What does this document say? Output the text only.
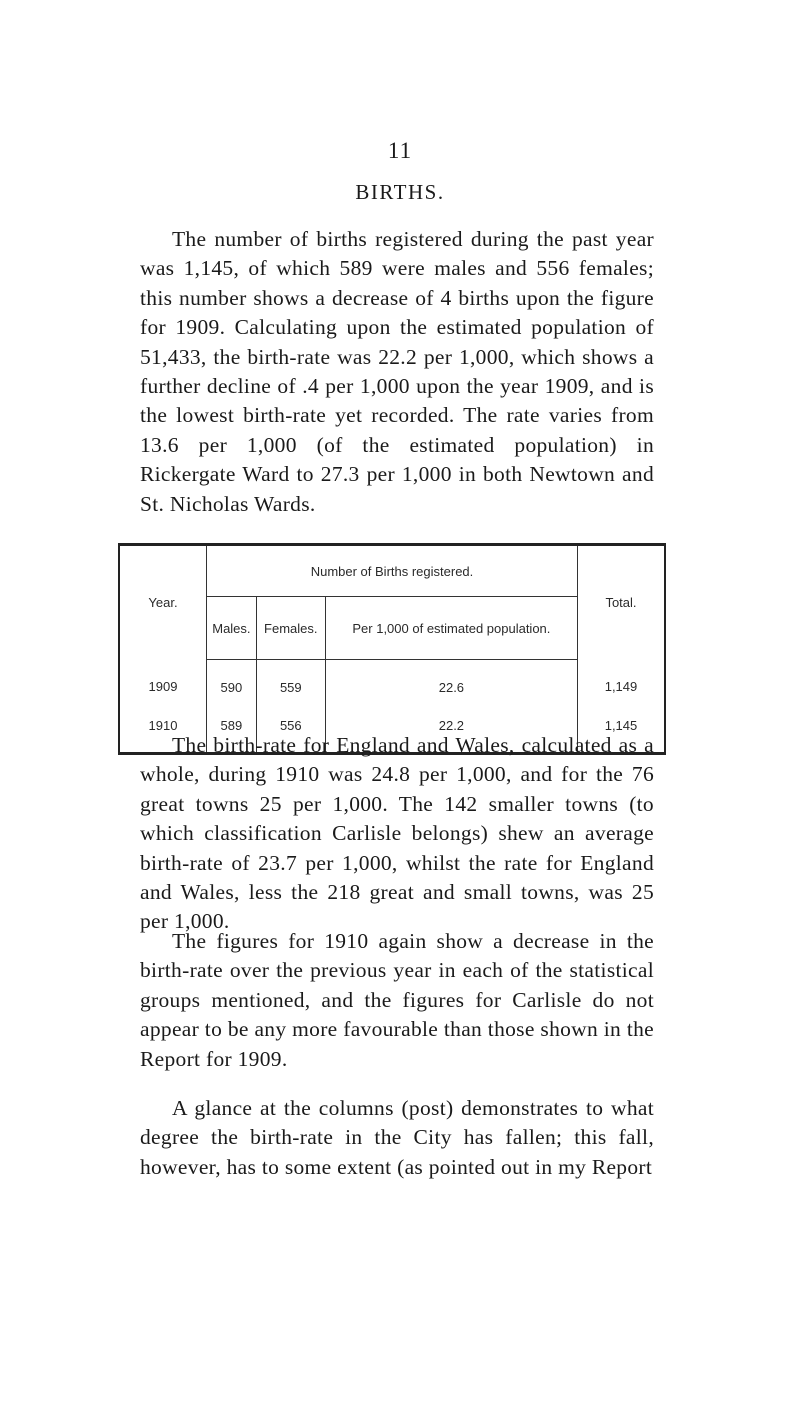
11
BIRTHS.

The number of births registered during the past year was 1,145, of which 589 were males and 556 females; this number shows a decrease of 4 births upon the figure for 1909. Calculating upon the estimated population of 51,433, the birth-rate was 22.2 per 1,000, which shows a further decline of .4 per 1,000 upon the year 1909, and is the lowest birth-rate yet recorded. The rate varies from 13.6 per 1,000 (of the estimated population) in Rickergate Ward to 27.3 per 1,000 in both Newtown and St. Nicholas Wards.

Year.	Number of Births registered.			Total.
	Males.	Females.	Per 1,000 of estimated population.	
1909	590	559	22.6	1,149
1910	589	556	22.2	1,145

The birth-rate for England and Wales, calculated as a whole, during 1910 was 24.8 per 1,000, and for the 76 great towns 25 per 1,000. The 142 smaller towns (to which classification Carlisle belongs) shew an average birth-rate of 23.7 per 1,000, whilst the rate for England and Wales, less the 218 great and small towns, was 25 per 1,000.

The figures for 1910 again show a decrease in the birth-rate over the previous year in each of the statistical groups mentioned, and the figures for Carlisle do not appear to be any more favourable than those shown in the Report for 1909.

A glance at the columns (post) demonstrates to what degree the birth-rate in the City has fallen; this fall, however, has to some extent (as pointed out in my Report
